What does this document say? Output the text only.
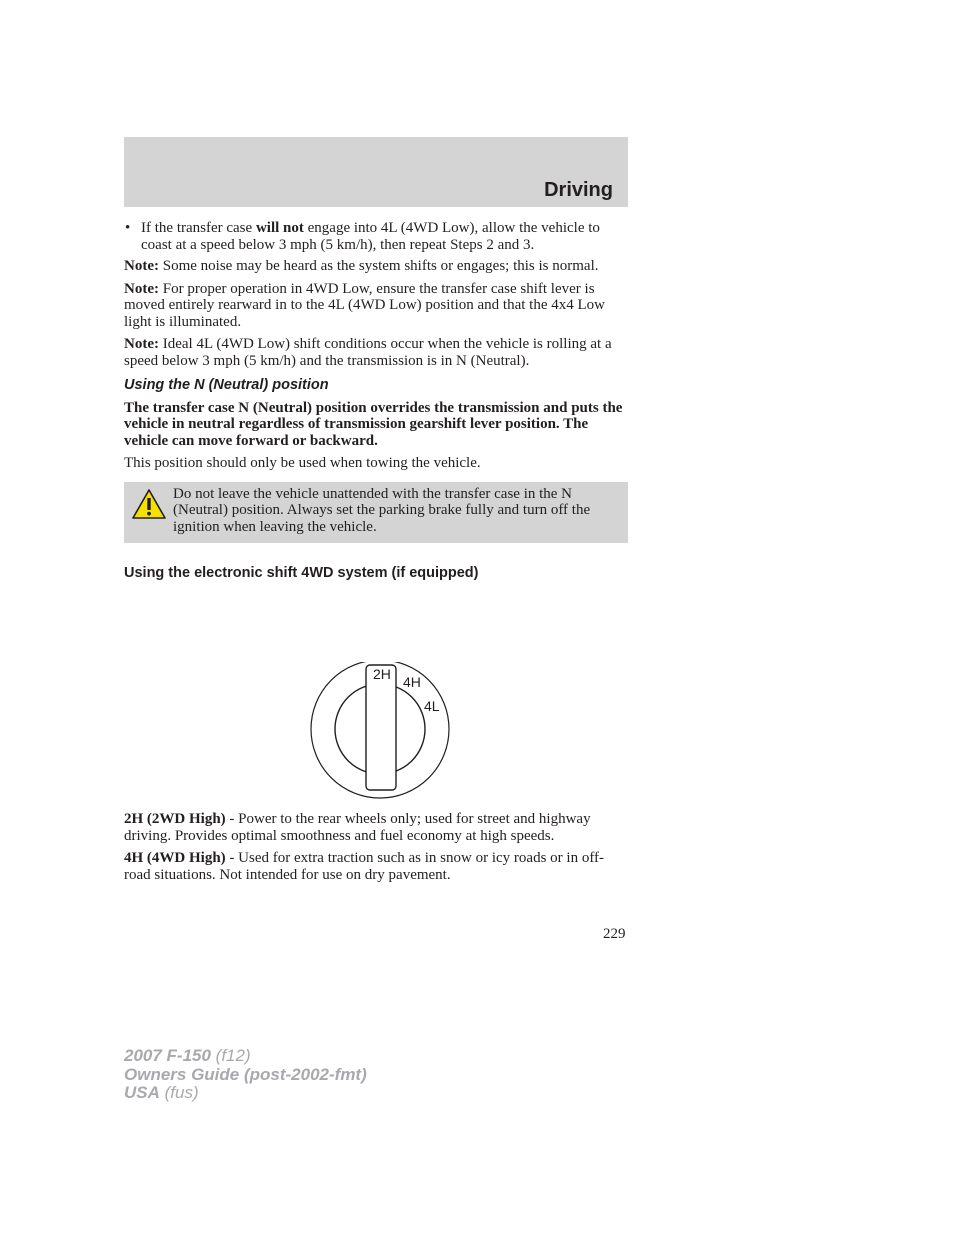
Driving
• If the transfer case will not engage into 4L (4WD Low), allow the vehicle to coast at a speed below 3 mph (5 km/h), then repeat Steps 2 and 3.

Note: Some noise may be heard as the system shifts or engages; this is normal.

Note: For proper operation in 4WD Low, ensure the transfer case shift lever is moved entirely rearward in to the 4L (4WD Low) position and that the 4x4 Low light is illuminated.

Note: Ideal 4L (4WD Low) shift conditions occur when the vehicle is rolling at a speed below 3 mph (5 km/h) and the transmission is in N (Neutral).

Using the N (Neutral) position

The transfer case N (Neutral) position overrides the transmission and puts the vehicle in neutral regardless of transmission gearshift lever position. The vehicle can move forward or backward.

This position should only be used when towing the vehicle.

Do not leave the vehicle unattended with the transfer case in the N (Neutral) position. Always set the parking brake fully and turn off the ignition when leaving the vehicle.
Using the electronic shift 4WD system (if equipped)
2H 4H
4L

2H (2WD High) - Power to the rear wheels only; used for street and highway driving. Provides optimal smoothness and fuel economy at high speeds.

4H (4WD High) - Used for extra traction such as in snow or icy roads or in off-road situations. Not intended for use on dry pavement.

229
2007 F-150 (f12)
Owners Guide (post-2002-fmt)
USA (fus)
